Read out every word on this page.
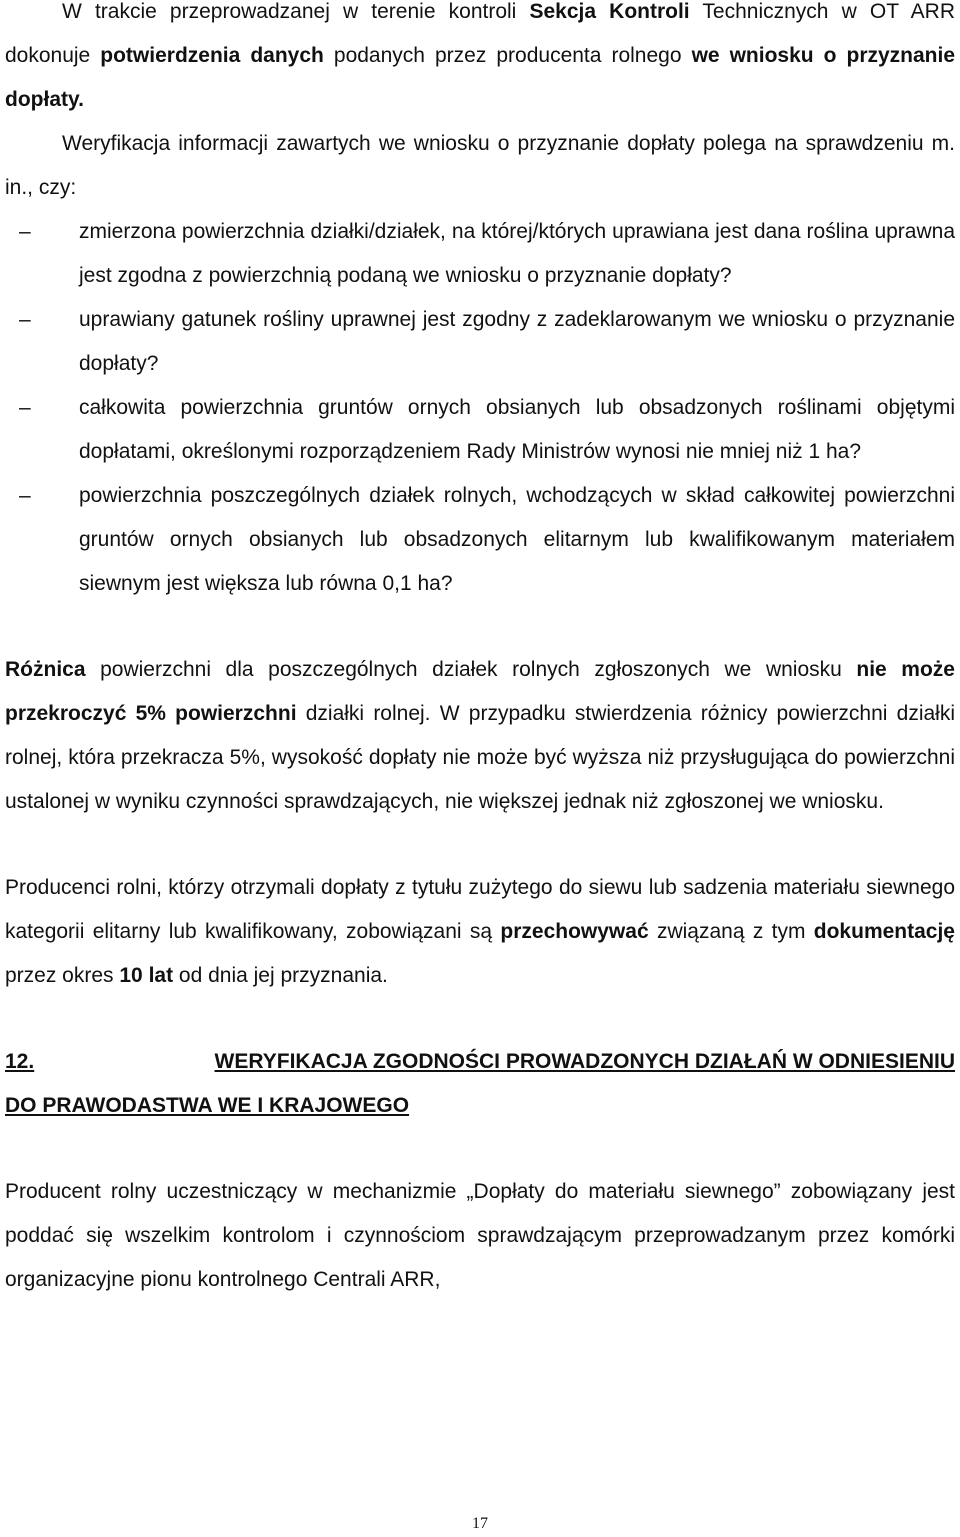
W trakcie przeprowadzanej w terenie kontroli Sekcja Kontroli Technicznych w OT ARR dokonuje potwierdzenia danych podanych przez producenta rolnego we wniosku o przyznanie dopłaty.

Weryfikacja informacji zawartych we wniosku o przyznanie dopłaty polega na sprawdzeniu m. in., czy:

–	zmierzona powierzchnia działki/działek, na której/których uprawiana jest dana roślina uprawna jest zgodna z powierzchnią podaną we wniosku o przyznanie dopłaty?
–	uprawiany gatunek rośliny uprawnej jest zgodny z zadeklarowanym we wniosku o przyznanie dopłaty?
–	całkowita powierzchnia gruntów ornych obsianych lub obsadzonych roślinami objętymi dopłatami, określonymi rozporządzeniem Rady Ministrów wynosi nie mniej niż 1 ha?
–	powierzchnia poszczególnych działek rolnych, wchodzących w skład całkowitej powierzchni gruntów ornych obsianych lub obsadzonych elitarnym lub kwalifikowanym materiałem siewnym jest większa lub równa 0,1 ha?

Różnica powierzchni dla poszczególnych działek rolnych zgłoszonych we wniosku nie może przekroczyć 5% powierzchni działki rolnej. W przypadku stwierdzenia różnicy powierzchni działki rolnej, która przekracza 5%, wysokość dopłaty nie może być wyższa niż przysługująca do powierzchni ustalonej w wyniku czynności sprawdzających, nie większej jednak niż zgłoszonej we wniosku.

Producenci rolni, którzy otrzymali dopłaty z tytułu zużytego do siewu lub sadzenia materiału siewnego kategorii elitarny lub kwalifikowany, zobowiązani są przechowywać związaną z tym dokumentację przez okres 10 lat od dnia jej przyznania.

12.	WERYFIKACJA ZGODNOŚCI PROWADZONYCH DZIAŁAŃ W ODNIESIENIU
DO PRAWODASTWA WE I KRAJOWEGO

Producent rolny uczestniczący w mechanizmie „Dopłaty do materiału siewnego” zobowiązany jest poddać się wszelkim kontrolom i czynnościom sprawdzającym przeprowadzanym przez komórki organizacyjne pionu kontrolnego Centrali ARR,

17
